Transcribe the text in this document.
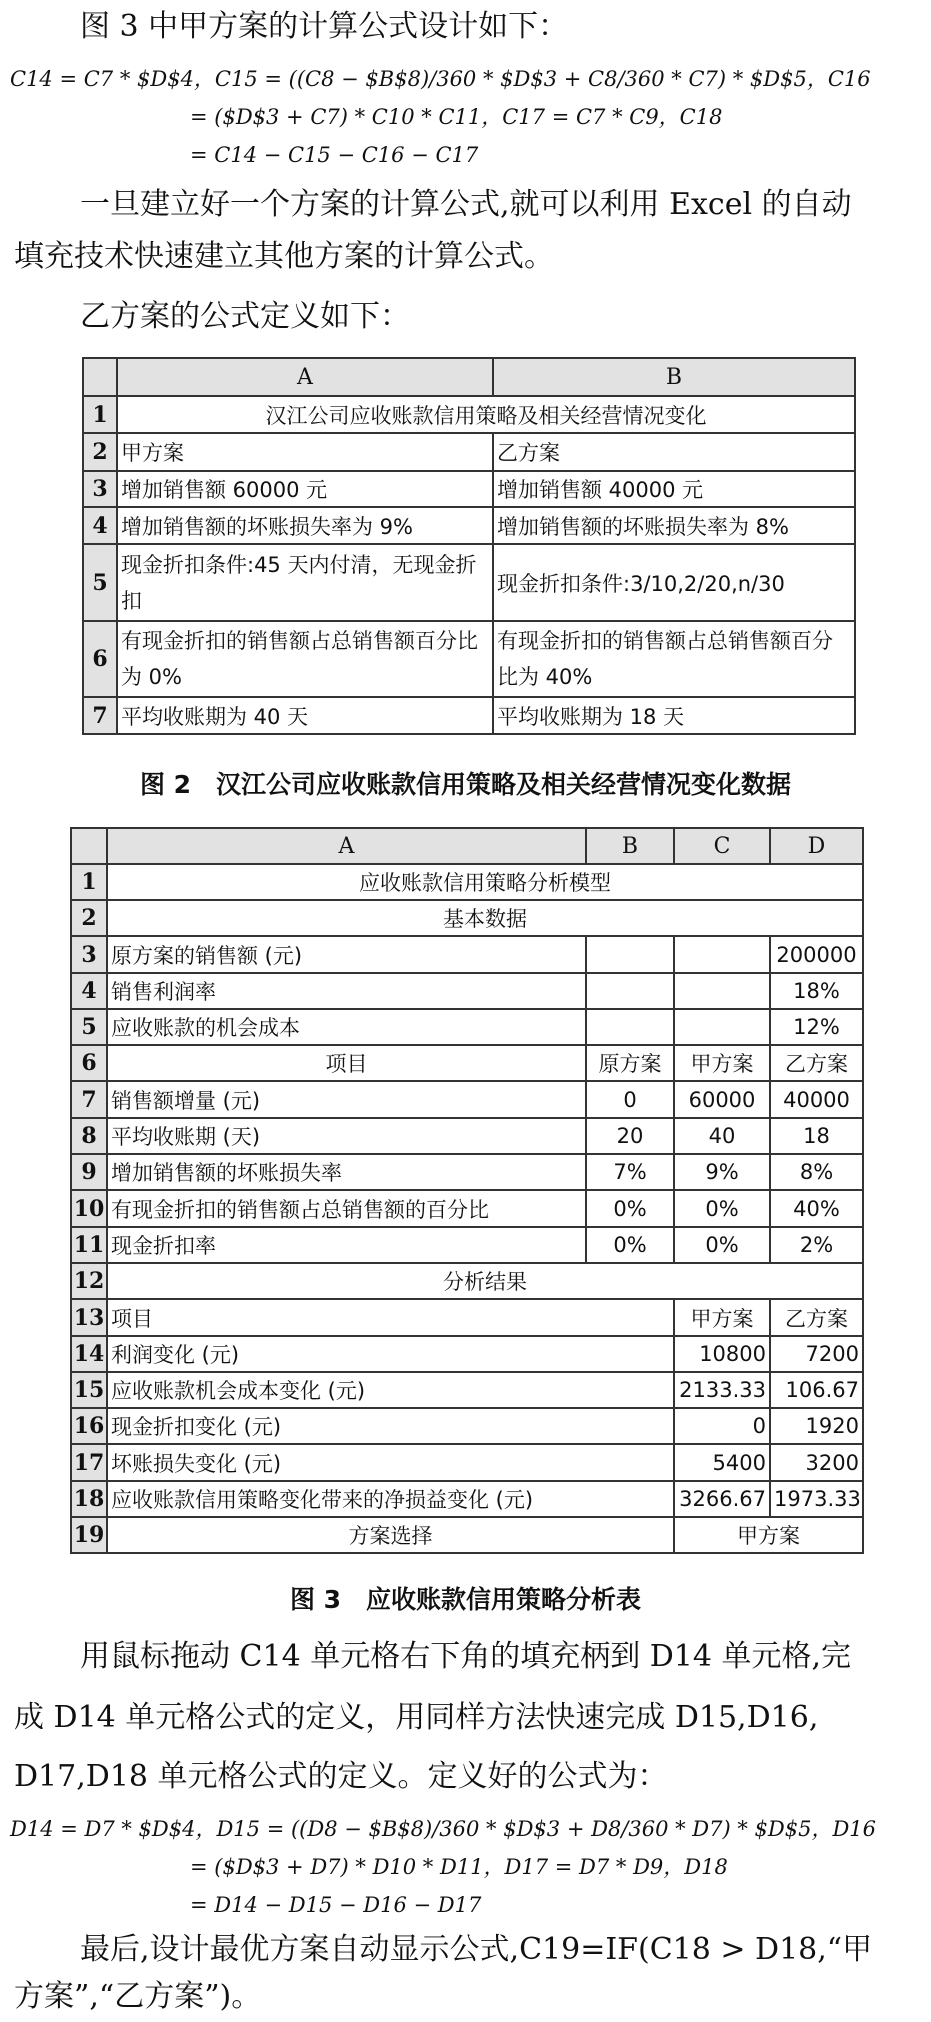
图 3 中甲方案的计算公式设计如下：

C14 = C7 * $D$4，C15 = ((C8 − $B$8)/360 * $D$3 + C8/360 * C7) * $D$5，C16
= ($D$3 + C7) * C10 * C11，C17 = C7 * C9，C18
= C14 − C15 − C16 − C17

一旦建立好一个方案的计算公式,就可以利用 Excel 的自动

填充技术快速建立其他方案的计算公式。

乙方案的公式定义如下：

	A	B
1	汉江公司应收账款信用策略及相关经营情况变化	
2	甲方案	乙方案
3	增加销售额 60000 元	增加销售额 40000 元
4	增加销售额的坏账损失率为 9%	增加销售额的坏账损失率为 8%
5	现金折扣条件:45 天内付清，无现金折扣	现金折扣条件:3/10,2/20,n/30
6	有现金折扣的销售额占总销售额百分比为 0%	有现金折扣的销售额占总销售额百分比为 40%
7	平均收账期为 40 天	平均收账期为 18 天
图 2　汉江公司应收账款信用策略及相关经营情况变化数据
	A	B	C	D
1	应收账款信用策略分析模型			
2	基本数据			
3	原方案的销售额 (元)			200000
4	销售利润率			18%
5	应收账款的机会成本			12%
6	项目	原方案	甲方案	乙方案
7	销售额增量 (元)	0	60000	40000
8	平均收账期 (天)	20	40	18
9	增加销售额的坏账损失率	7%	9%	8%
10	有现金折扣的销售额占总销售额的百分比	0%	0%	40%
11	现金折扣率	0%	0%	2%
12	分析结果			
13	项目		甲方案	乙方案
14	利润变化 (元)		10800	7200
15	应收账款机会成本变化 (元)		2133.33	106.67
16	现金折扣变化 (元)		0	1920
17	坏账损失变化 (元)		5400	3200
18	应收账款信用策略变化带来的净损益变化 (元)		3266.67	1973.33
19	方案选择		甲方案	
图 3　应收账款信用策略分析表

用鼠标拖动 C14 单元格右下角的填充柄到 D14 单元格,完

成 D14 单元格公式的定义，用同样方法快速完成 D15,D16,

D17,D18 单元格公式的定义。定义好的公式为：

D14 = D7 * $D$4，D15 = ((D8 − $B$8)/360 * $D$3 + D8/360 * D7) * $D$5，D16
= ($D$3 + D7) * D10 * D11，D17 = D7 * D9，D18
= D14 − D15 − D16 − D17

最后,设计最优方案自动显示公式,C19=IF(C18 > D18,“甲

方案”,“乙方案”)。
